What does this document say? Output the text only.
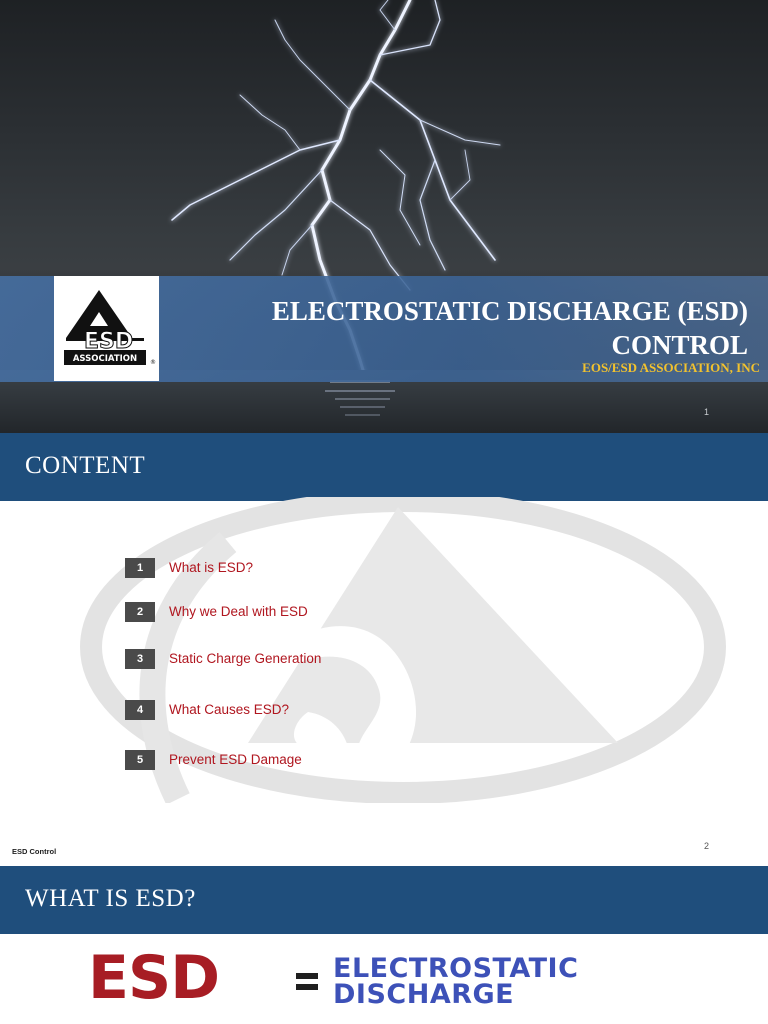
ESD
ASSOCIATION ®
ELECTROSTATIC DISCHARGE (ESD)
CONTROL
EOS/ESD ASSOCIATION, INC
1
CONTENT
1	What is ESD?
2	Why we Deal with ESD
3	Static Charge Generation
4	What Causes ESD?
5	Prevent ESD Damage
ESD Control
2
WHAT IS ESD?
ESD	ELECTROSTATIC
DISCHARGE
